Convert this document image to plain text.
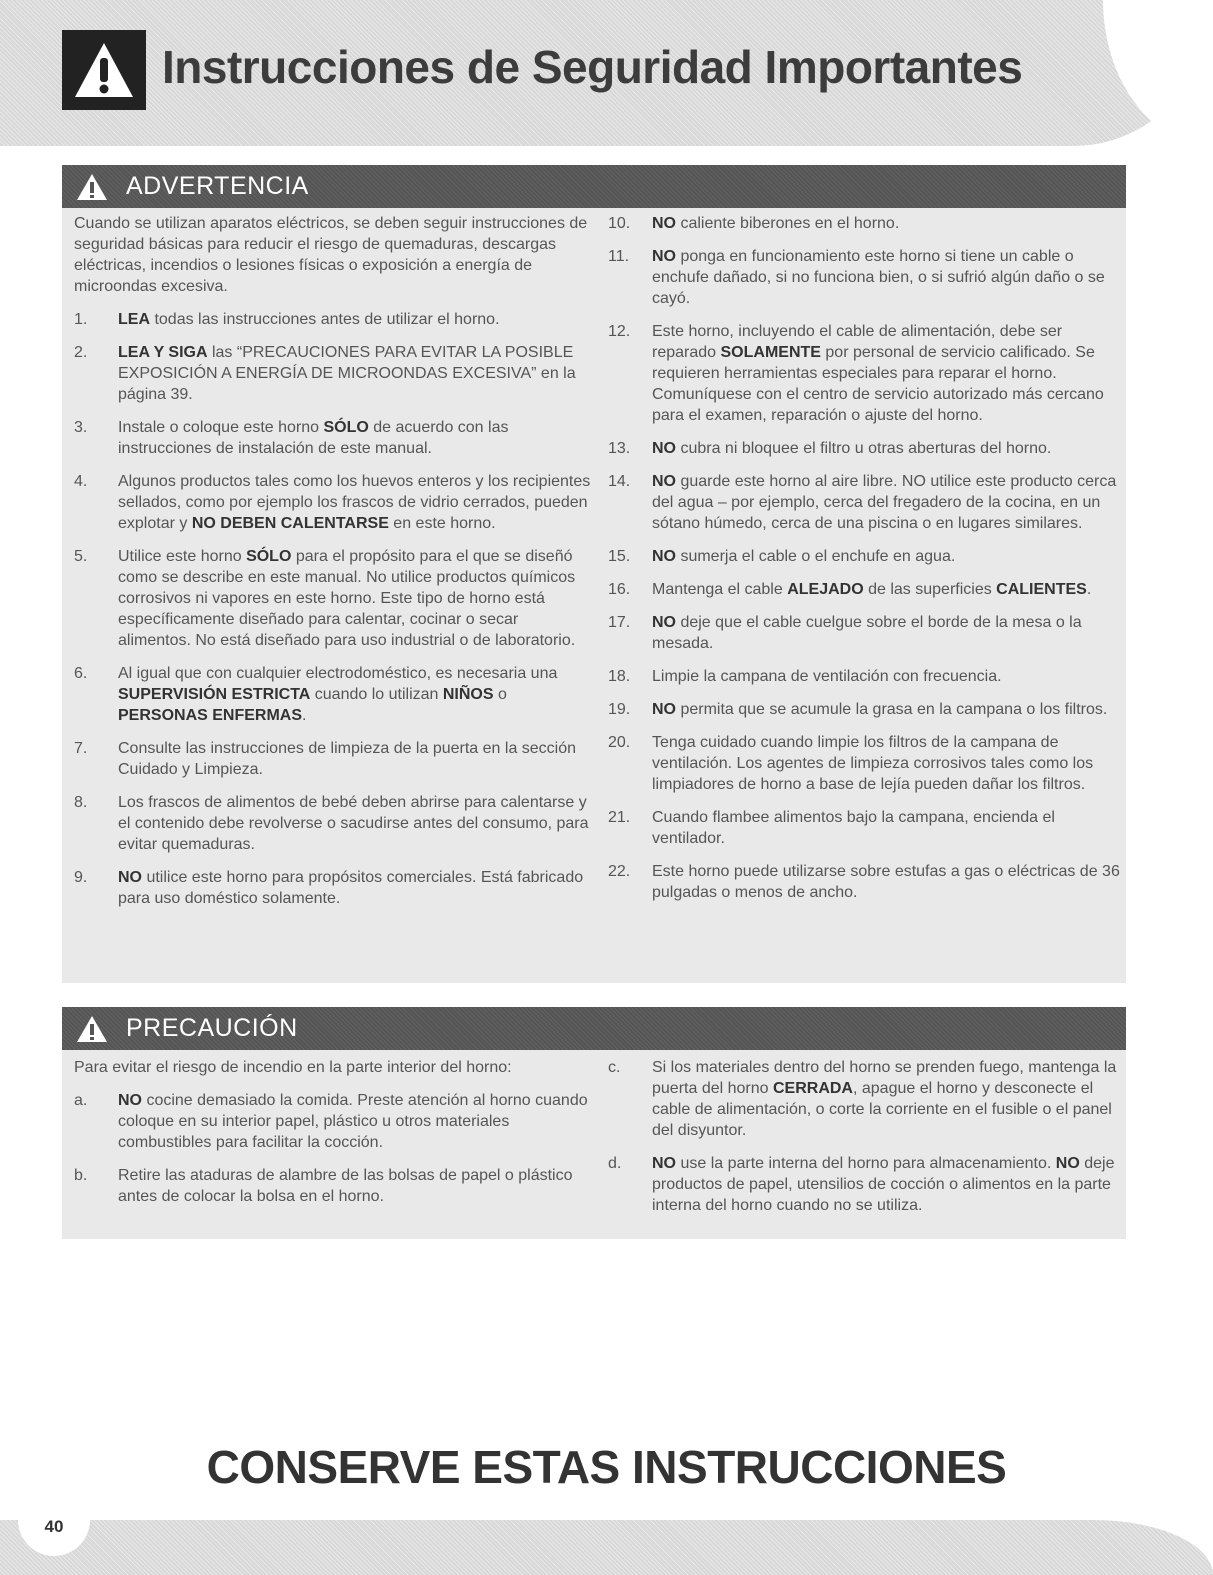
Instrucciones de Seguridad Importantes
ADVERTENCIA

Cuando se utilizan aparatos eléctricos, se deben seguir instrucciones de seguridad básicas para reducir el riesgo de quemaduras, descargas eléctricas, incendios o lesiones físicas o exposición a energía de microondas excesiva.

1. LEA todas las instrucciones antes de utilizar el horno.
2. LEA Y SIGA las “PRECAUCIONES PARA EVITAR LA POSIBLE EXPOSICIÓN A ENERGÍA DE MICROONDAS EXCESIVA” en la página 39.
3. Instale o coloque este horno SÓLO de acuerdo con las instrucciones de instalación de este manual.
4. Algunos productos tales como los huevos enteros y los recipientes sellados, como por ejemplo los frascos de vidrio cerrados, pueden explotar y NO DEBEN CALENTARSE en este horno.
5. Utilice este horno SÓLO para el propósito para el que se diseñó como se describe en este manual. No utilice productos químicos corrosivos ni vapores en este horno. Este tipo de horno está específicamente diseñado para calentar, cocinar o secar alimentos. No está diseñado para uso industrial o de laboratorio.
6. Al igual que con cualquier electrodoméstico, es necesaria una SUPERVISIÓN ESTRICTA cuando lo utilizan NIÑOS o PERSONAS ENFERMAS.
7. Consulte las instrucciones de limpieza de la puerta en la sección Cuidado y Limpieza.
8. Los frascos de alimentos de bebé deben abrirse para calentarse y el contenido debe revolverse o sacudirse antes del consumo, para evitar quemaduras.
9. NO utilice este horno para propósitos comerciales. Está fabricado para uso doméstico solamente.
10. NO caliente biberones en el horno.
11. NO ponga en funcionamiento este horno si tiene un cable o enchufe dañado, si no funciona bien, o si sufrió algún daño o se cayó.
12. Este horno, incluyendo el cable de alimentación, debe ser reparado SOLAMENTE por personal de servicio calificado. Se requieren herramientas especiales para reparar el horno. Comuníquese con el centro de servicio autorizado más cercano para el examen, reparación o ajuste del horno.
13. NO cubra ni bloquee el filtro u otras aberturas del horno.
14. NO guarde este horno al aire libre. NO utilice este producto cerca del agua – por ejemplo, cerca del fregadero de la cocina, en un sótano húmedo, cerca de una piscina o en lugares similares.
15. NO sumerja el cable o el enchufe en agua.
16. Mantenga el cable ALEJADO de las superficies CALIENTES.
17. NO deje que el cable cuelgue sobre el borde de la mesa o la mesada.
18. Limpie la campana de ventilación con frecuencia.
19. NO permita que se acumule la grasa en la campana o los filtros.
20. Tenga cuidado cuando limpie los filtros de la campana de ventilación. Los agentes de limpieza corrosivos tales como los limpiadores de horno a base de lejía pueden dañar los filtros.
21. Cuando flambee alimentos bajo la campana, encienda el ventilador.
22. Este horno puede utilizarse sobre estufas a gas o eléctricas de 36 pulgadas o menos de ancho.
PRECAUCIÓN

Para evitar el riesgo de incendio en la parte interior del horno:

a. NO cocine demasiado la comida. Preste atención al horno cuando coloque en su interior papel, plástico u otros materiales combustibles para facilitar la cocción.
b. Retire las ataduras de alambre de las bolsas de papel o plástico antes de colocar la bolsa en el horno.
c. Si los materiales dentro del horno se prenden fuego, mantenga la puerta del horno CERRADA, apague el horno y desconecte el cable de alimentación, o corte la corriente en el fusible o el panel del disyuntor.
d. NO use la parte interna del horno para almacenamiento. NO deje productos de papel, utensilios de cocción o alimentos en la parte interna del horno cuando no se utiliza.
CONSERVE ESTAS INSTRUCCIONES
40
